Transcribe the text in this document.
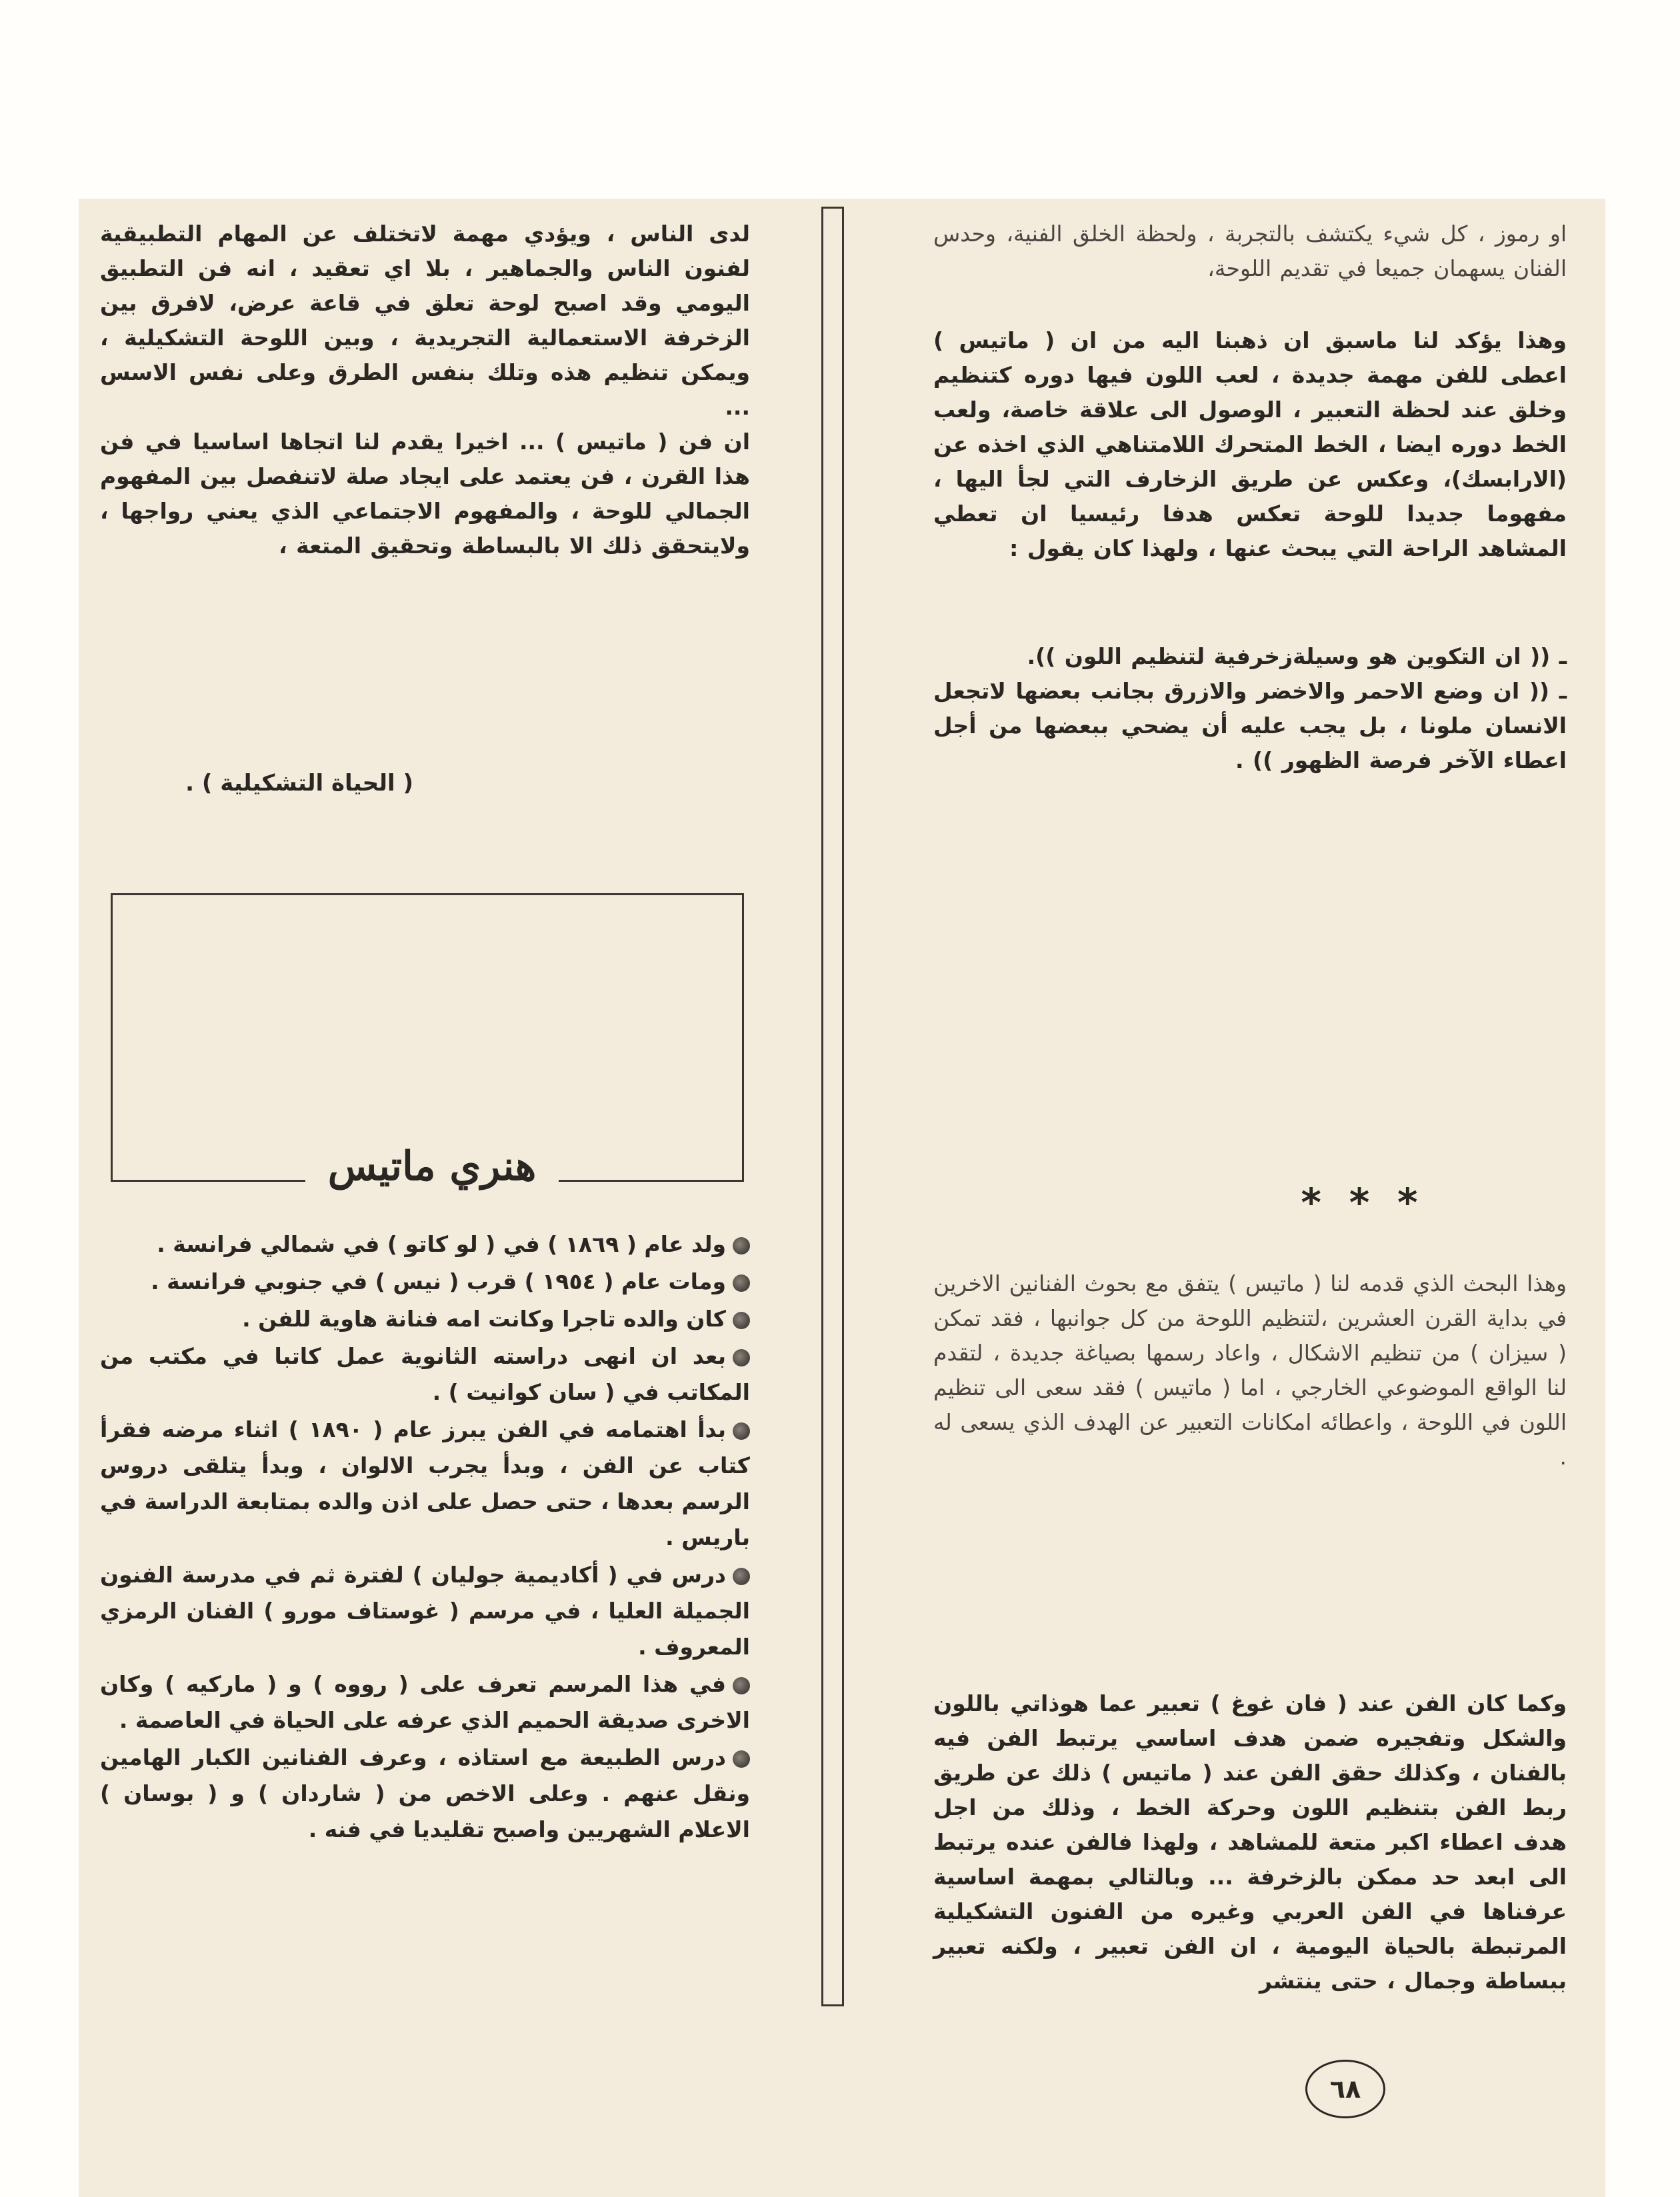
او رموز ، كل شيء يكتشف بالتجربة ، ولحظة الخلق الفنية، وحدس الفنان يسهمان جميعا في تقديم اللوحة،

وهذا يؤكد لنا ماسبق ان ذهبنا اليه من ان ( ماتيس ) اعطى للفن مهمة جديدة ، لعب اللون فيها دوره كتنظيم وخلق عند لحظة التعبير ، الوصول الى علاقة خاصة، ولعب الخط دوره ايضا ، الخط المتحرك اللامتناهي الذي اخذه عن (الارابسك)، وعكس عن طريق الزخارف التي لجأ اليها ، مفهوما جديدا للوحة تعكس هدفا رئيسيا ان تعطي المشاهد الراحة التي يبحث عنها ، ولهذا كان يقول :

ـ (( ان التكوين هو وسيلةزخرفية لتنظيم اللون )).

ـ (( ان وضع الاحمر والاخضر والازرق بجانب بعضها لاتجعل الانسان ملونا ، بل يجب عليه أن يضحي ببعضها من أجل اعطاء الآخر فرصة الظهور )) .

***

وهذا البحث الذي قدمه لنا ( ماتيس ) يتفق مع بحوث الفنانين الاخرين في بداية القرن العشرين ،لتنظيم اللوحة من كل جوانبها ، فقد تمكن ( سيزان ) من تنظيم الاشكال ، واعاد رسمها بصياغة جديدة ، لتقدم لنا الواقع الموضوعي الخارجي ، اما ( ماتيس ) فقد سعى الى تنظيم اللون في اللوحة ، واعطائه امكانات التعبير عن الهدف الذي يسعى له .

وكما كان الفن عند ( فان غوغ ) تعبير عما هوذاتي باللون والشكل وتفجيره ضمن هدف اساسي يرتبط الفن فيه بالفنان ، وكذلك حقق الفن عند ( ماتيس ) ذلك عن طريق ربط الفن بتنظيم اللون وحركة الخط ، وذلك من اجل هدف اعطاء اكبر متعة للمشاهد ، ولهذا فالفن عنده يرتبط الى ابعد حد ممكن بالزخرفة ... وبالتالي بمهمة اساسية عرفناها في الفن العربي وغيره من الفنون التشكيلية المرتبطة بالحياة اليومية ، ان الفن تعبير ، ولكنه تعبير ببساطة وجمال ، حتى ينتشر

لدى الناس ، ويؤدي مهمة لاتختلف عن المهام التطبيقية لفنون الناس والجماهير ، بلا اي تعقيد ، انه فن التطبيق اليومي وقد اصبح لوحة تعلق في قاعة عرض، لافرق بين الزخرفة الاستعمالية التجريدية ، وبين اللوحة التشكيلية ، ويمكن تنظيم هذه وتلك بنفس الطرق وعلى نفس الاسس ...

ان فن ( ماتيس ) ... اخيرا يقدم لنا اتجاها اساسيا في فن هذا القرن ، فن يعتمد على ايجاد صلة لاتنفصل بين المفهوم الجمالي للوحة ، والمفهوم الاجتماعي الذي يعني رواجها ، ولايتحقق ذلك الا بالبساطة وتحقيق المتعة ،

( الحياة التشكيلية ) .
هنري ماتيس

ولد عام ( ١٨٦٩ ) في ( لو كاتو ) في شمالي فرانسة .

ومات عام ( ١٩٥٤ ) قرب ( نيس ) في جنوبي فرانسة .

كان والده تاجرا وكانت امه فنانة هاوية للفن .

بعد ان انهى دراسته الثانوية عمل كاتبا في مكتب من المكاتب في ( سان كوانيت ) .

بدأ اهتمامه في الفن يبرز عام ( ١٨٩٠ ) اثناء مرضه فقرأ كتاب عن الفن ، وبدأ يجرب الالوان ، وبدأ يتلقى دروس الرسم بعدها ، حتى حصل على اذن والده بمتابعة الدراسة في باريس .

درس في ( أكاديمية جوليان ) لفترة ثم في مدرسة الفنون الجميلة العليا ، في مرسم ( غوستاف مورو ) الفنان الرمزي المعروف .

في هذا المرسم تعرف على ( رووه ) و ( ماركيه ) وكان الاخرى صديقة الحميم الذي عرفه على الحياة في العاصمة .

درس الطبيعة مع استاذه ، وعرف الفنانين الكبار الهامين ونقل عنهم . وعلى الاخص من ( شاردان ) و ( بوسان ) الاعلام الشهريين واصبح تقليديا في فنه .

٦٨
